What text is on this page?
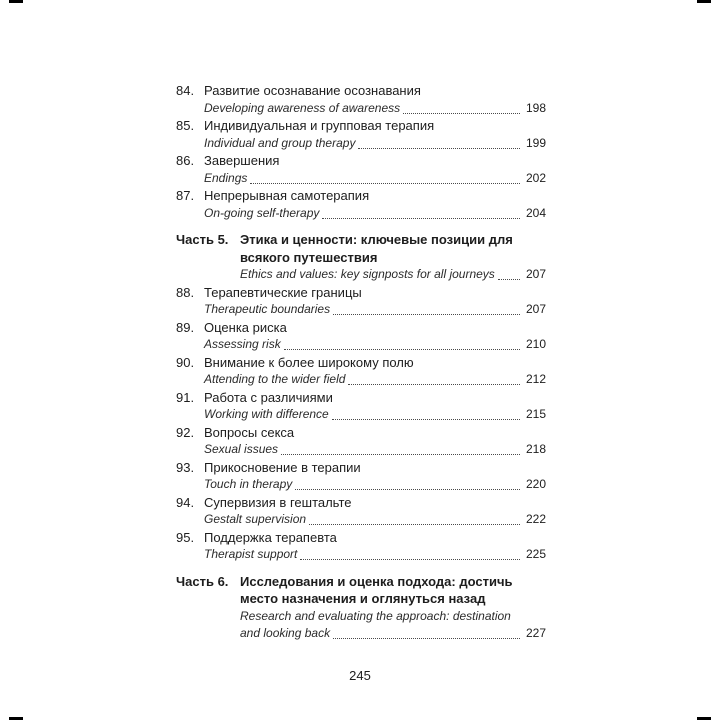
84. Развитие осознавание осознавания
Developing awareness of awareness	198
85. Индивидуальная и групповая терапия
Individual and group therapy	199
86. Завершения
Endings	202
87. Непрерывная самотерапия
On-going self-therapy	204
Часть 5. Этика и ценности: ключевые позиции для всякого путешествия
Ethics and values: key signposts for all journeys	207
88. Терапевтические границы
Therapeutic boundaries	207
89. Оценка риска
Assessing risk	210
90. Внимание к более широкому полю
Attending to the wider field	212
91. Работа с различиями
Working with difference	215
92. Вопросы секса
Sexual issues	218
93. Прикосновение в терапии
Touch in therapy	220
94. Супервизия в гештальте
Gestalt supervision	222
95. Поддержка терапевта
Therapist support	225
Часть 6. Исследования и оценка подхода: достичь место назначения и оглянуться назад
Research and evaluating the approach: destination
and looking back	227
245
